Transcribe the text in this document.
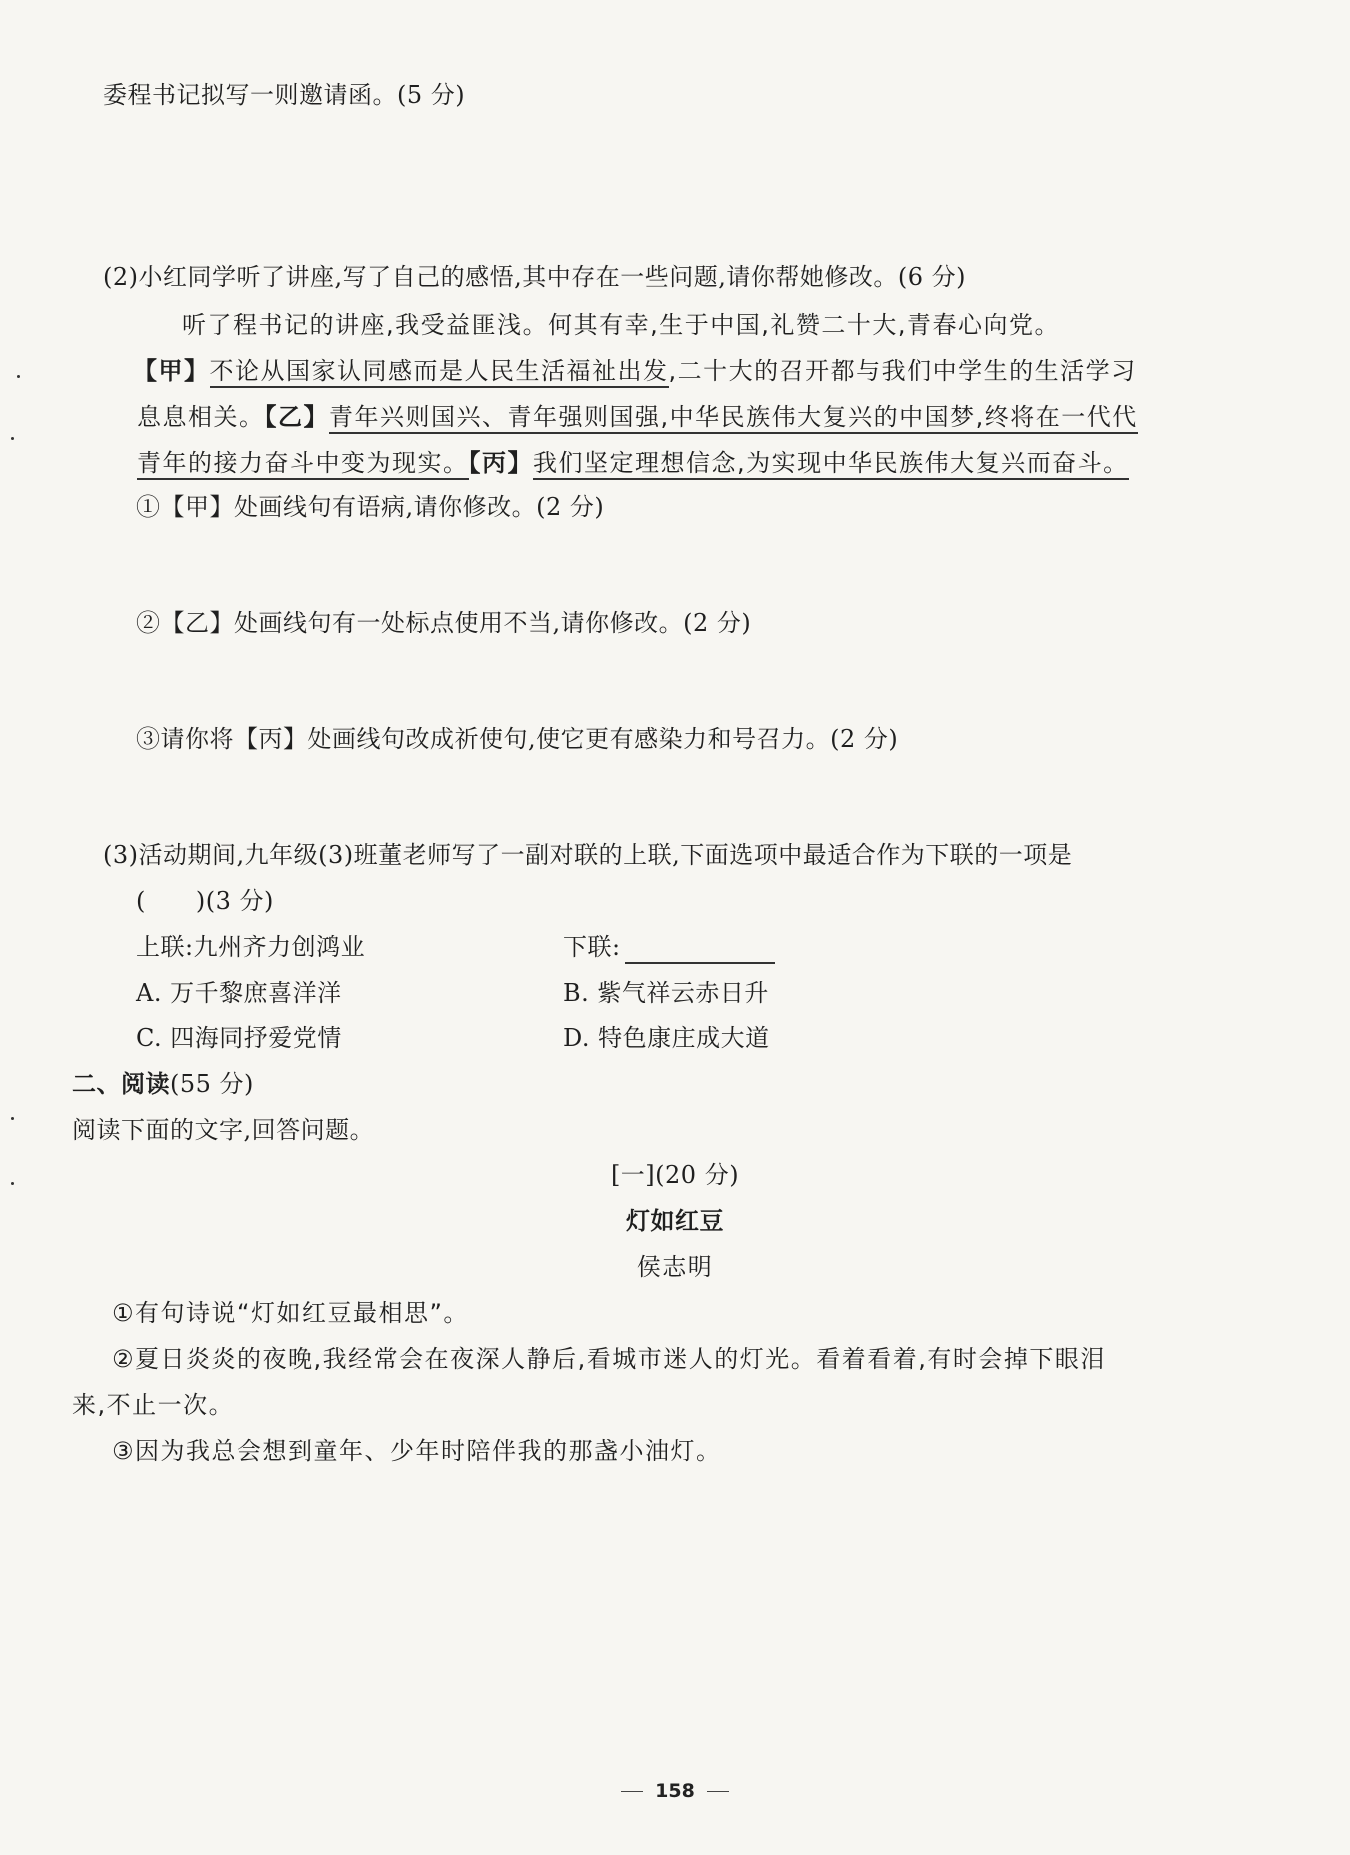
委程书记拟写一则邀请函。(5 分)
(2)小红同学听了讲座,写了自己的感悟,其中存在一些问题,请你帮她修改。(6 分)
听了程书记的讲座,我受益匪浅。何其有幸,生于中国,礼赞二十大,青春心向党。
【甲】不论从国家认同感而是人民生活福祉出发,二十大的召开都与我们中学生的生活学习
息息相关。【乙】青年兴则国兴、青年强则国强,中华民族伟大复兴的中国梦,终将在一代代
青年的接力奋斗中变为现实。【丙】我们坚定理想信念,为实现中华民族伟大复兴而奋斗。
①【甲】处画线句有语病,请你修改。(2 分)
②【乙】处画线句有一处标点使用不当,请你修改。(2 分)
③请你将【丙】处画线句改成祈使句,使它更有感染力和号召力。(2 分)
(3)活动期间,九年级(3)班董老师写了一副对联的上联,下面选项中最适合作为下联的一项是
( )(3 分)
上联:九州齐力创鸿业	下联:
A. 万千黎庶喜洋洋	B. 紫气祥云赤日升
C. 四海同抒爱党情	D. 特色康庄成大道
二、阅读(55 分)
阅读下面的文字,回答问题。
[一](20 分)
灯如红豆
侯志明
①有句诗说“灯如红豆最相思”。
②夏日炎炎的夜晚,我经常会在夜深人静后,看城市迷人的灯光。看着看着,有时会掉下眼泪
来,不止一次。
③因为我总会想到童年、少年时陪伴我的那盏小油灯。
158
